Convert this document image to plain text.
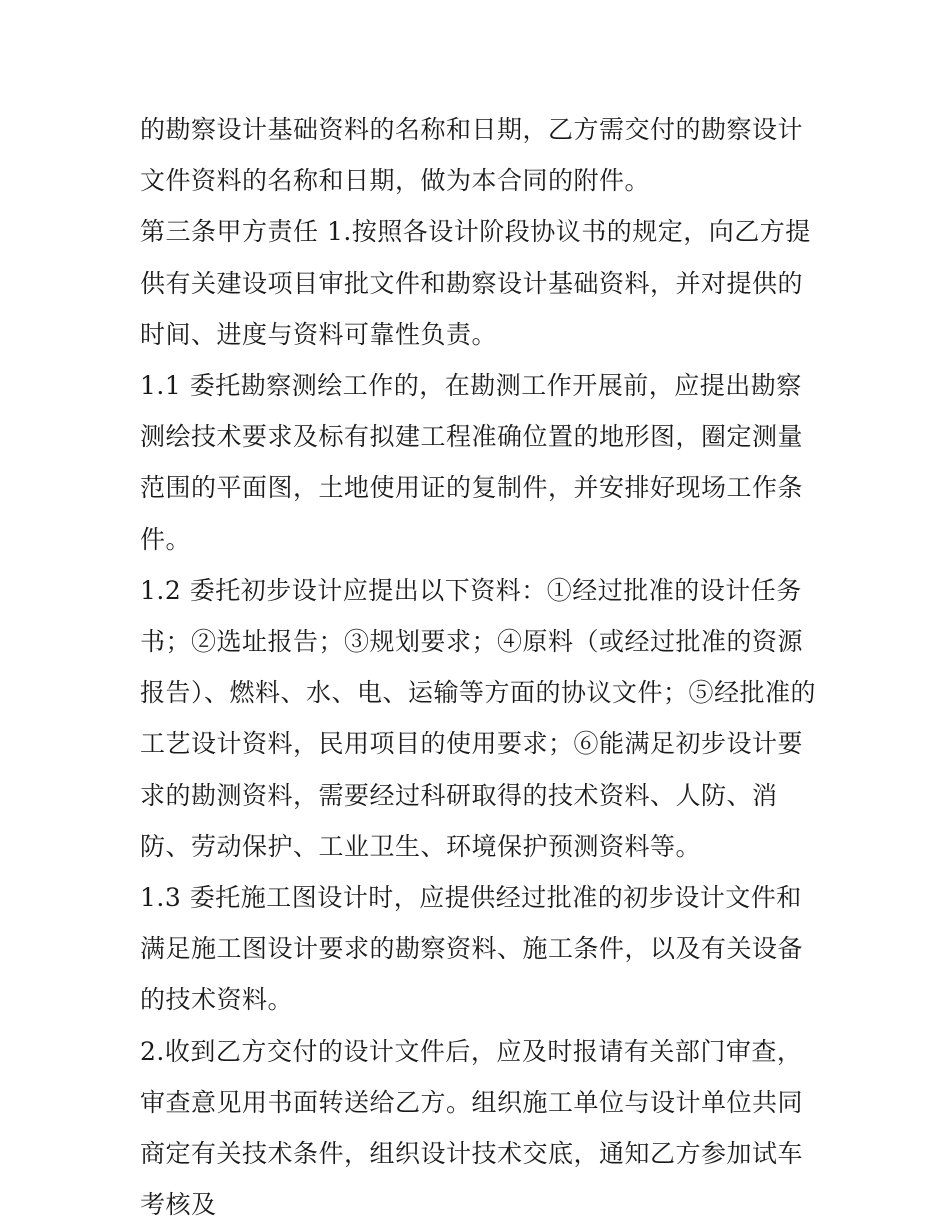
的勘察设计基础资料的名称和日期，乙方需交付的勘察设计文件资料的名称和日期，做为本合同的附件。

第三条甲方责任 1.按照各设计阶段协议书的规定，向乙方提供有关建设项目审批文件和勘察设计基础资料，并对提供的时间、进度与资料可靠性负责。

1.1 委托勘察测绘工作的，在勘测工作开展前，应提出勘察测绘技术要求及标有拟建工程准确位置的地形图，圈定测量范围的平面图，土地使用证的复制件，并安排好现场工作条件。

1.2 委托初步设计应提出以下资料：①经过批准的设计任务书；②选址报告；③规划要求；④原料（或经过批准的资源报告）、燃料、水、电、运输等方面的协议文件；⑤经批准的工艺设计资料，民用项目的使用要求；⑥能满足初步设计要求的勘测资料，需要经过科研取得的技术资料、人防、消防、劳动保护、工业卫生、环境保护预测资料等。

1.3 委托施工图设计时，应提供经过批准的初步设计文件和满足施工图设计要求的勘察资料、施工条件，以及有关设备的技术资料。

2.收到乙方交付的设计文件后，应及时报请有关部门审查，审查意见用书面转送给乙方。组织施工单位与设计单位共同商定有关技术条件，组织设计技术交底，通知乙方参加试车考核及
